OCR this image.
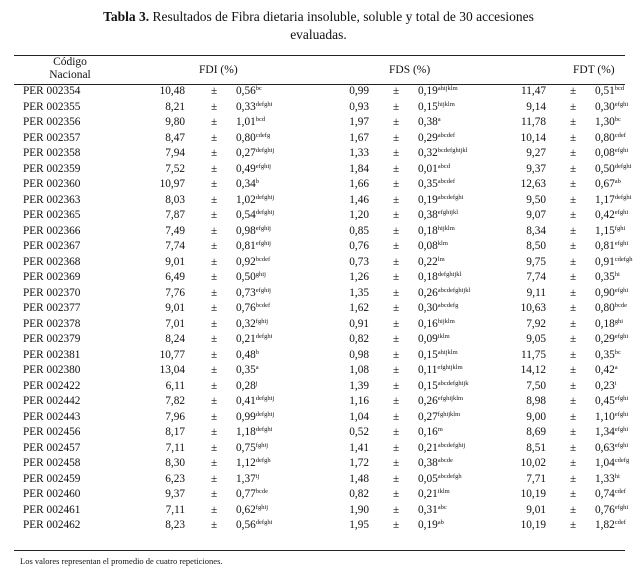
Tabla 3. Resultados de Fibra dietaria insoluble, soluble y total de 30 accesiones
evaluadas.
Código
Nacional	FDI (%)	FDS (%)	FDT (%)
PER 002354	10,48 ± 0,56$^{bc}$	$0,99 \pm 0,19^{ahijklm}$	11,47 ± 0,51$^{bcd}$
PER 002355	$8,21 \pm 0,33^{defghi}$	$0,93 \pm 0,15^{hijklm}$	$9,14 \pm 0,30^{efghi}$
PER 002356	9,80 ± 1,01$^{bcd}$	1,97 ± 0,38$^a$	11,78 ± 1,30$^{bc}$
PER 002357	$8,47 \pm 0,80^{cdefg}$	$1,67 \pm 0,29^{abcdef}$	$10,14 \pm 0,80^{cdef}$
PER 002358	$7,94 \pm 0,27^{defghij}$	$1,33 \pm 0,32^{bcdefghijkl}$	$9,27 \pm 0,08^{efghi}$
PER 002359	$7,52 \pm 0,49^{efghij}$	$1,84 \pm 0,01^{abcd}$	$9,37 \pm 0,50^{defghi}$
PER 002360	10,97 ± 0,34$^b$	$1,66 \pm 0,35^{abcdef}$	12,63 ± 0,67$^{ab}$
PER 002363	$8,03 \pm 1,02^{defghij}$	$1,46 \pm 0,19^{abcdefghi}$	$9,50 \pm 1,17^{defghi}$
PER 002365	$7,87 \pm 0,54^{defghij}$	$1,20 \pm 0,38^{efghijkl}$	$9,07 \pm 0,42^{efghi}$
PER 002366	$7,49 \pm 0,98^{efghij}$	$0,85 \pm 0,18^{hijklm}$	$8,34 \pm 1,15^{fghi}$
PER 002367	$7,74 \pm 0,81^{efghij}$	$0,76 \pm 0,08^{klm}$	$8,50 \pm 0,81^{efghi}$
PER 002368	$9,01 \pm 0,92^{bcdef}$	$0,73 \pm 0,22^{lm}$	$9,75 \pm 0,91^{cdefgh}$
PER 002369	$6,49 \pm 0,50^{ghij}$	$1,26 \pm 0,18^{defghijkl}$	$7,74 \pm 0,35^{hi}$
PER 002370	$7,76 \pm 0,73^{efghij}$	$1,35 \pm 0,26^{abcdefghijkl}$	$9,11 \pm 0,90^{efghi}$
PER 002377	$9,01 \pm 0,76^{bcdef}$	$1,62 \pm 0,30^{abcdefg}$	$10,63 \pm 0,80^{bcde}$
PER 002378	$7,01 \pm 0,32^{fghij}$	$0,91 \pm 0,16^{hijklm}$	$7,92 \pm 0,18^{ghi}$
PER 002379	$8,24 \pm 0,21^{defghi}$	$0,82 \pm 0,09^{iklm}$	$9,05 \pm 0,29^{efghi}$
PER 002381	10,77 ± 0,48$^b$	$0,98 \pm 0,15^{ahijklm}$	11,75 ± 0,35$^{bc}$
PER 002380	13,04 ± 0,35$^a$	$1,08 \pm 0,11^{efghijklm}$	14,12 ± 0,42$^a$
PER 002422	$6,11 \pm 0,28^j$	$1,39 \pm 0,15^{abcdefghijk}$	$7,50 \pm 0,23^i$
PER 002442	$7,82 \pm 0,41^{defghij}$	$1,16 \pm 0,26^{efghijklm}$	$8,98 \pm 0,45^{efghi}$
PER 002443	$7,96 \pm 0,99^{defghij}$	$1,04 \pm 0,27^{fghijklm}$	$9,00 \pm 1,10^{efghi}$
PER 002456	$8,17 \pm 1,18^{defghi}$	$0,52 \pm 0,16^m$	$8,69 \pm 1,34^{efghi}$
PER 002457	$7,11 \pm 0,75^{fghij}$	$1,41 \pm 0,21^{abcdefghij}$	$8,51 \pm 0,63^{efghi}$
PER 002458	$8,30 \pm 1,12^{defgh}$	$1,72 \pm 0,38^{abcde}$	$10,02 \pm 1,04^{cdefg}$
PER 002459	$6,23 \pm 1,37^{ij}$	$1,48 \pm 0,05^{abcdefgh}$	$7,71 \pm 1,33^{hi}$
PER 002460	$9,37 \pm 0,77^{bcde}$	$0,82 \pm 0,21^{iklm}$	$10,19 \pm 0,74^{cdef}$
PER 002461	$7,11 \pm 0,62^{fghij}$	1,90 ± 0,31$^{abc}$	$9,01 \pm 0,76^{efghi}$
PER 002462	$8,23 \pm 0,56^{defghi}$	1,95 ± 0,19$^{ab}$	$10,19 \pm 1,82^{cdef}$
Los valores representan el promedio de cuatro repeticiones.
